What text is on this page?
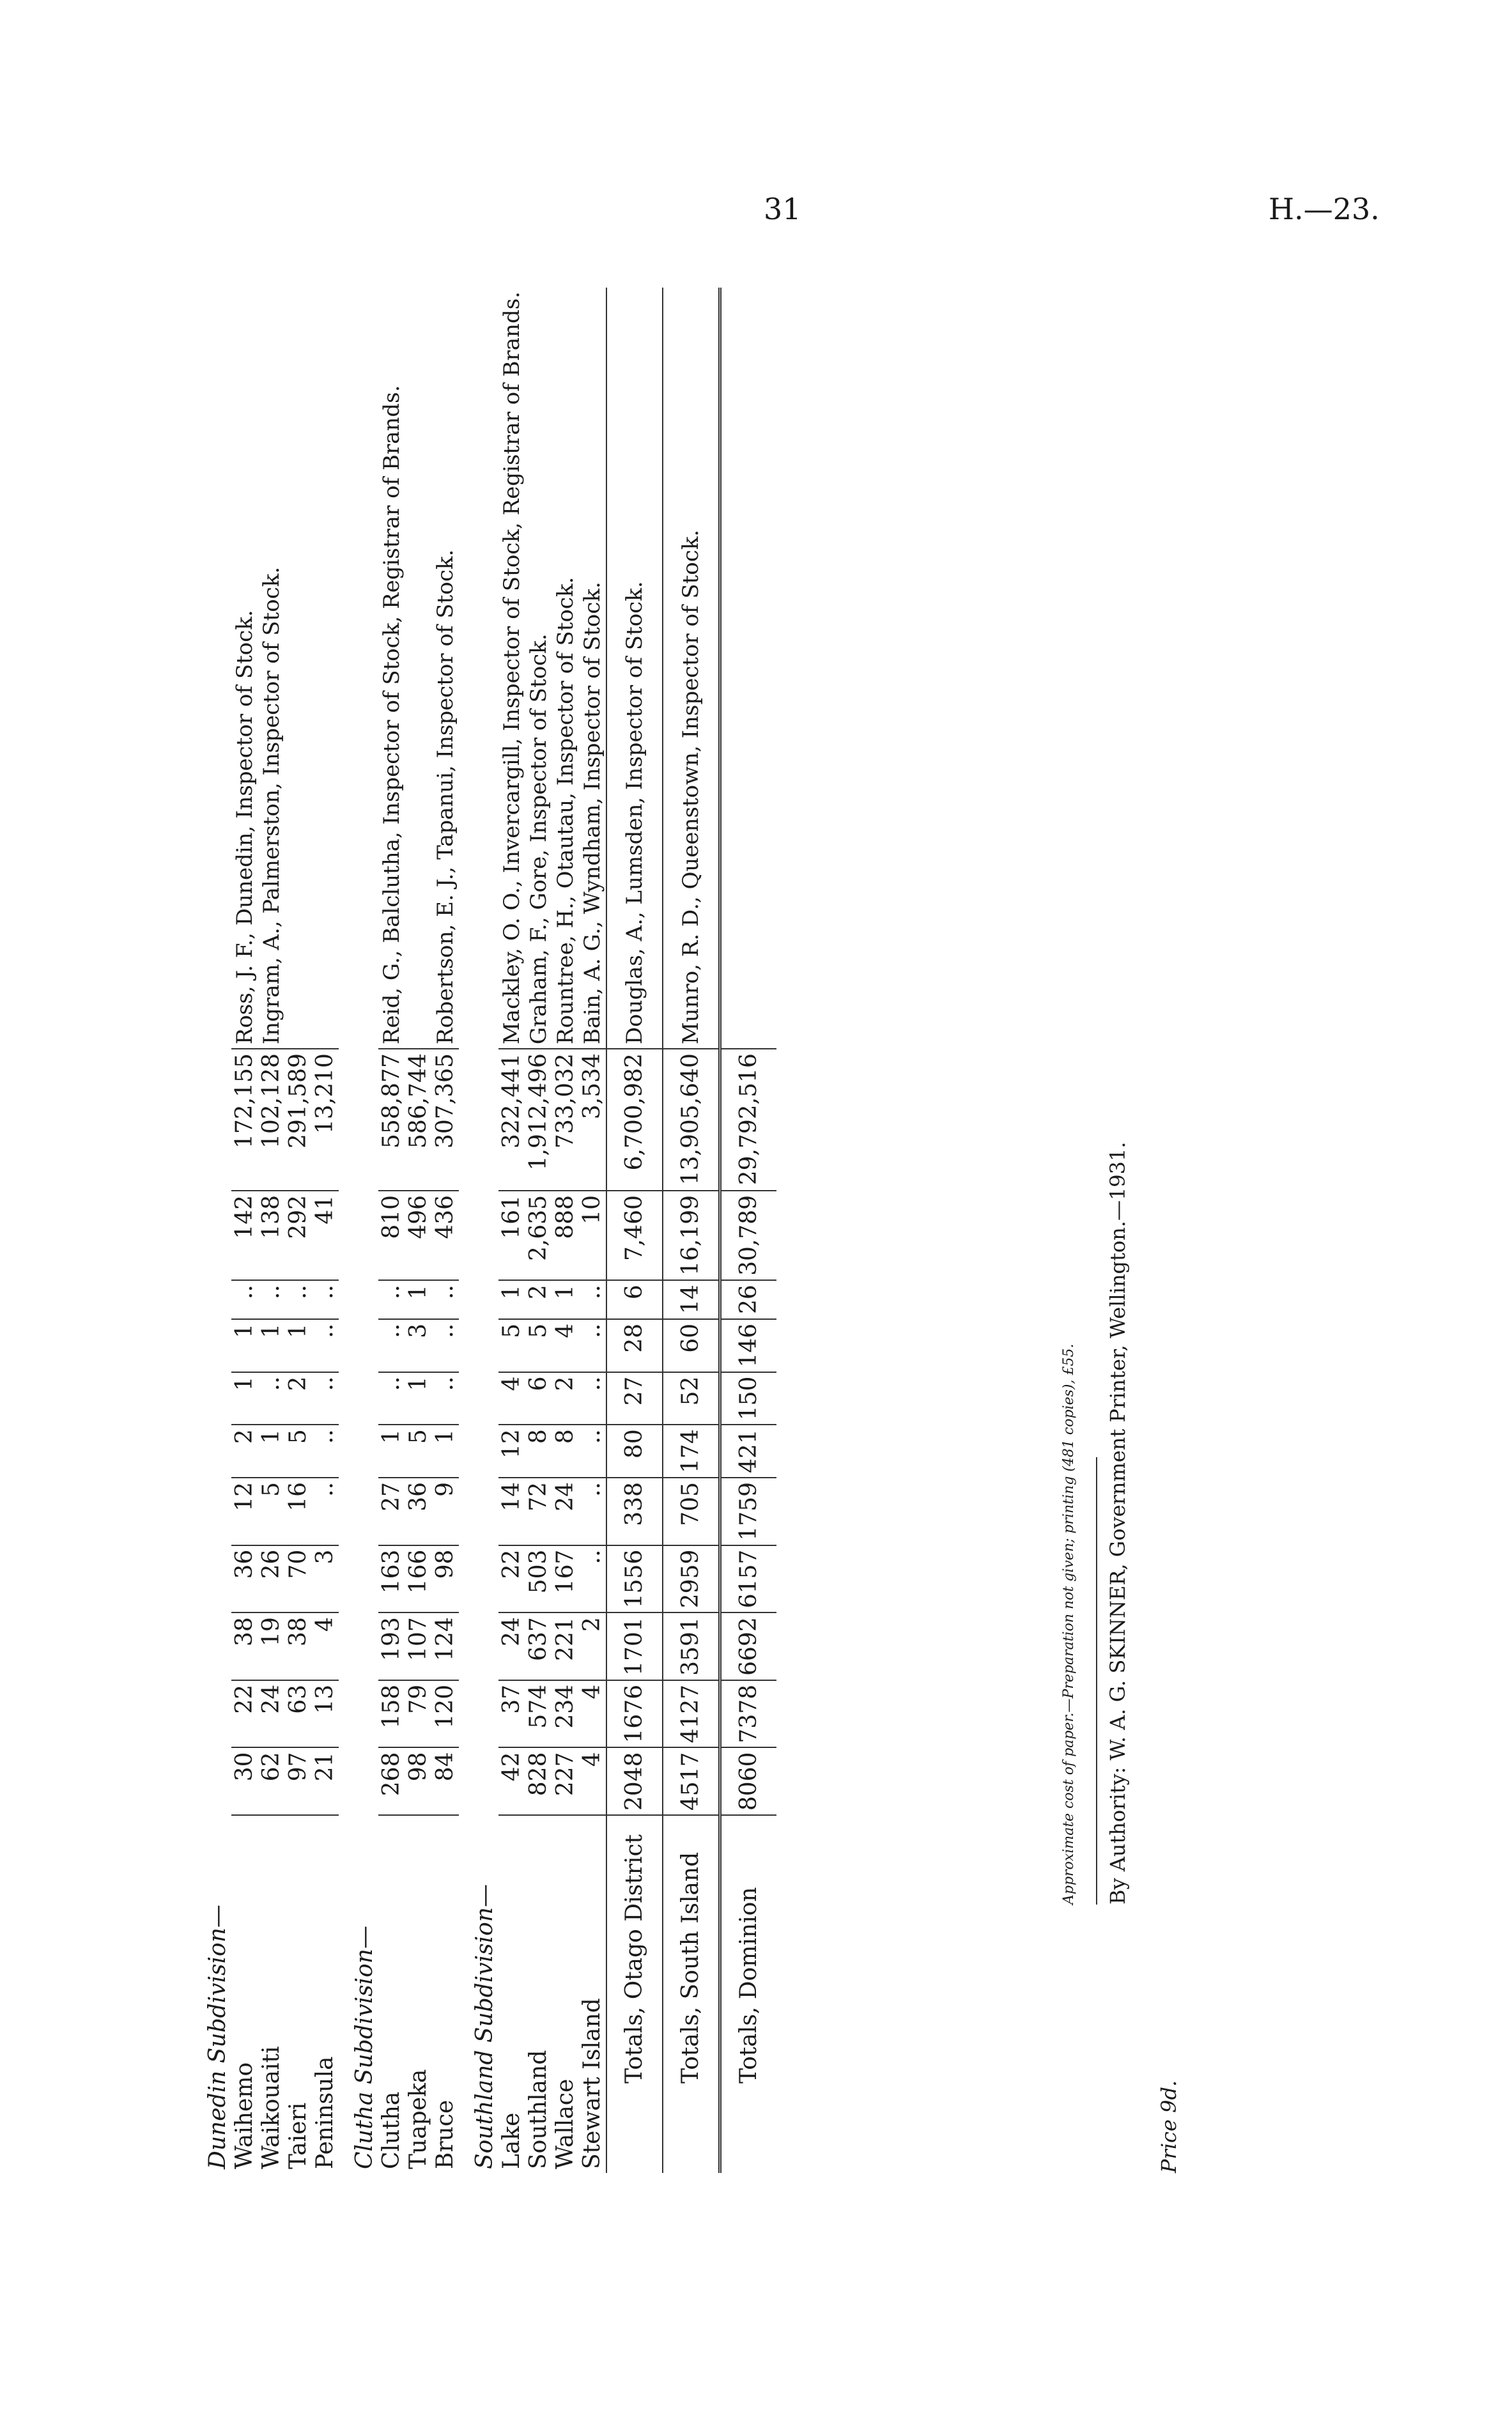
31	H.—23.
Dunedin Subdivision—												
Waihemo	30	22	38	36	12	2	1	1	..	142	172,155	Ross, J. F., Dunedin, Inspector of Stock.
Waikouaiti	62	24	19	26	5	1	..	1	..	138	102,128	Ingram, A., Palmerston, Inspector of Stock.
Taieri	97	63	38	70	16	5	2	1	..	292	291,589	
Peninsula	21	13	4	3	..	..	..	..	..	41	13,210	
Clutha Subdivision—												
Clutha	268	158	193	163	27	1	..	..	..	810	558,877	Reid, G., Balclutha, Inspector of Stock, Registrar of Brands.
Tuapeka	98	79	107	166	36	5	1	3	1	496	586,744	
Bruce	84	120	124	98	9	1	..	..	..	436	307,365	Robertson, E. J., Tapanui, Inspector of Stock.
Southland Subdivision—												
Lake	42	37	24	22	14	12	4	5	1	161	322,441	Mackley, O. O., Invercargill, Inspector of Stock, Registrar of Brands.
Southland	828	574	637	503	72	8	6	5	2	2,635	1,912,496	Graham, F., Gore, Inspector of Stock.
Wallace	227	234	221	167	24	8	2	4	1	888	733,032	Rountree, H., Otautau, Inspector of Stock.
Stewart Island	4	4	2	..	..	..	..	..	..	10	3,534	Bain, A. G., Wyndham, Inspector of Stock.
Totals, Otago District	2048	1676	1701	1556	338	80	27	28	6	7,460	6,700,982	Douglas, A., Lumsden, Inspector of Stock.
Totals, South Island	4517	4127	3591	2959	705	174	52	60	14	16,199	13,905,640	Munro, R. D., Queenstown, Inspector of Stock.
Totals, Dominion	8060	7378	6692	6157	1759	421	150	146	26	30,789	29,792,516	
Approximate cost of paper.—Preparation not given; printing (481 copies), £55. By Authority: W. A. G. SKINNER, Government Printer, Wellington.—1931.
Price 9d.
